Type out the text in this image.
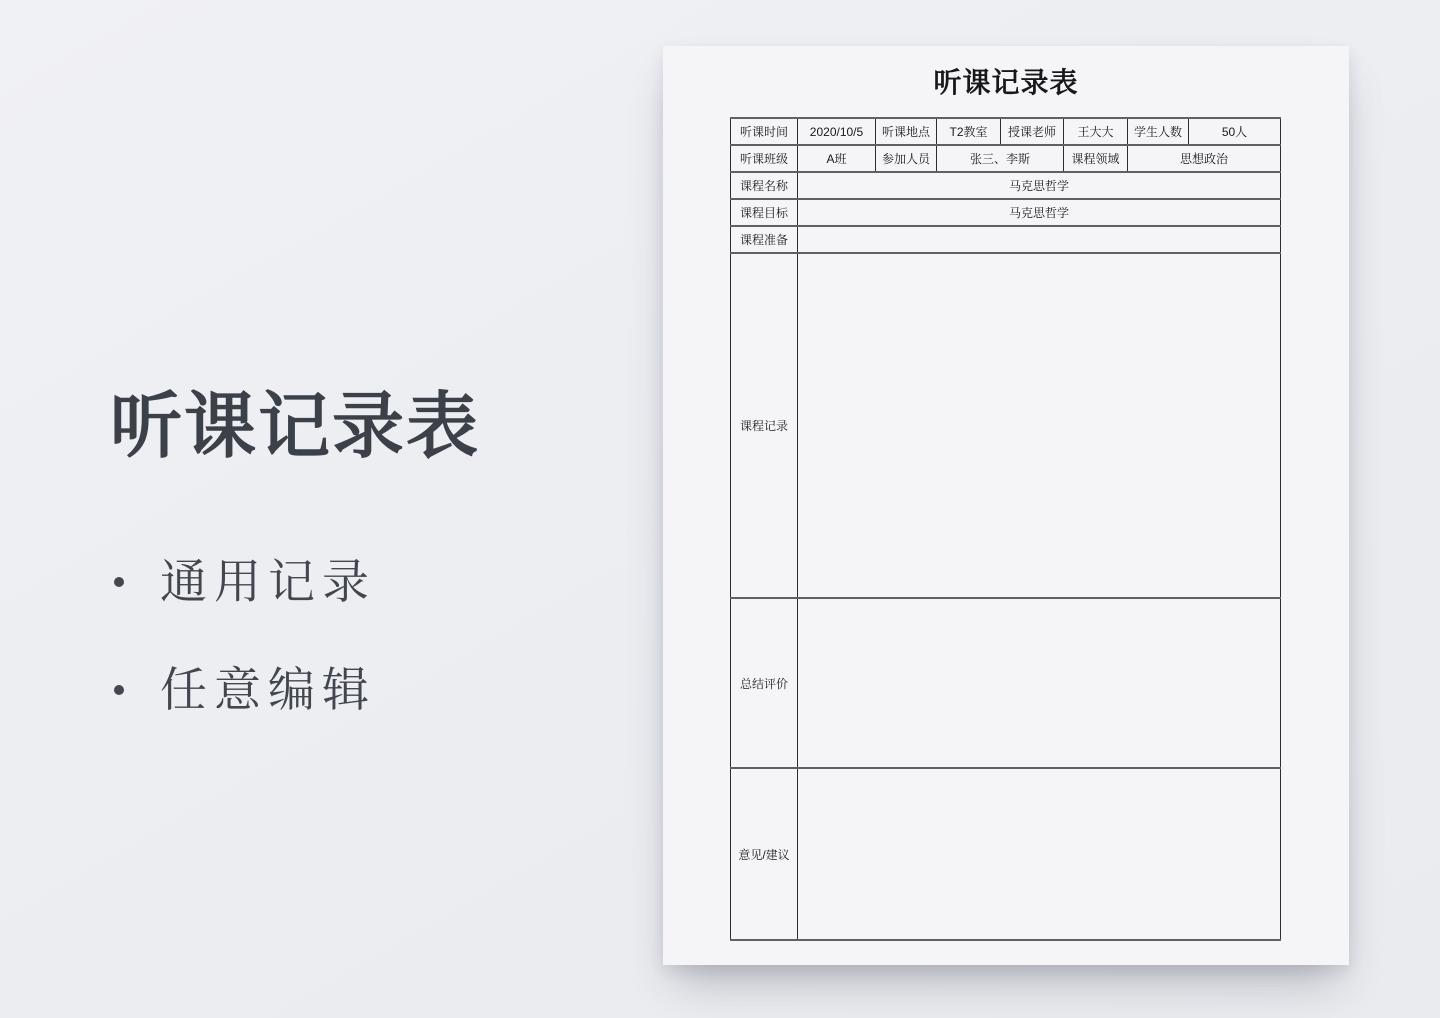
听课记录表
通用记录
任意编辑
听课记录表
听课时间	2020/10/5	听课地点	T2教室	授课老师	王大大	学生人数	50人
听课班级	A班	参加人员	张三、李斯		课程领域	思想政治	
课程名称	马克思哲学						
课程目标	马克思哲学						
课程准备							
课程记录							
总结评价							
意见/建议							
